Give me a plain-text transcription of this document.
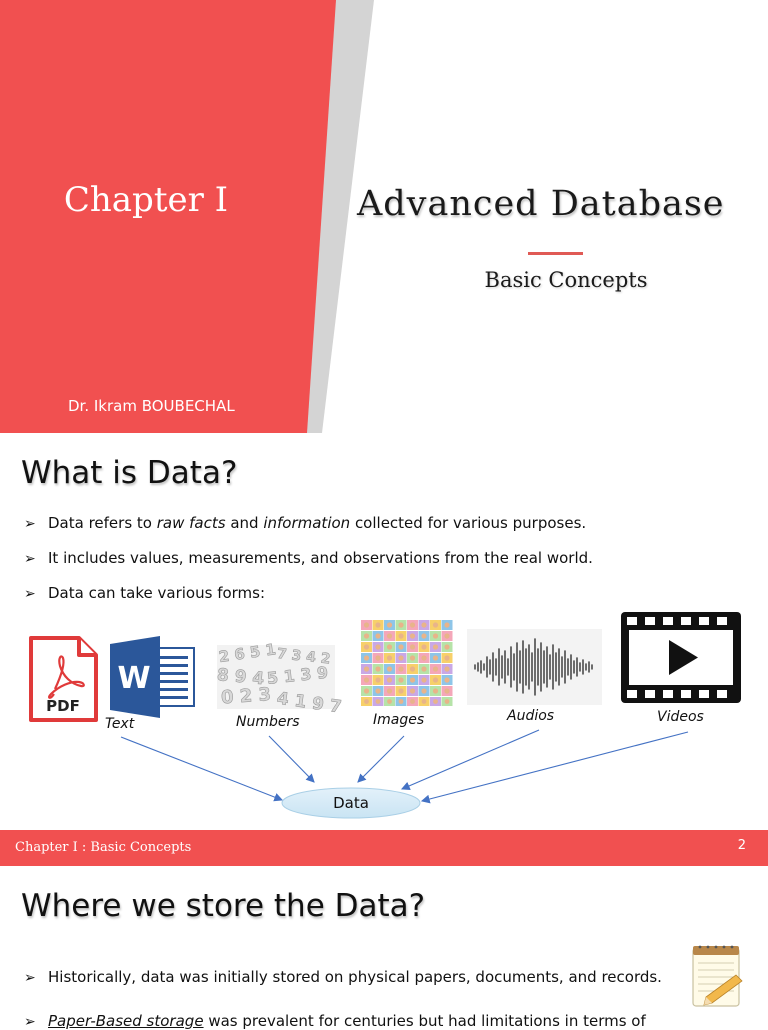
Chapter I
Dr. Ikram BOUBECHAL
Advanced Database
Basic Concepts
What is Data?
➢ Data refers to raw facts and information collected for various purposes.
➢ It includes values, measurements, and observations from the real world.
➢ Data can take various forms:
PDF
W
2 6 5 1 7 3 4 2
8 9 4 5 1 3 9
0 2 3 4 1 9 7
Text	Numbers	Images	Audios	Videos
Data
Chapter I : Basic Concepts	2
Where we store the Data?
➢ Historically, data was initially stored on physical papers, documents, and records.
➢ Paper-Based storage was prevalent for centuries but had limitations in terms of
